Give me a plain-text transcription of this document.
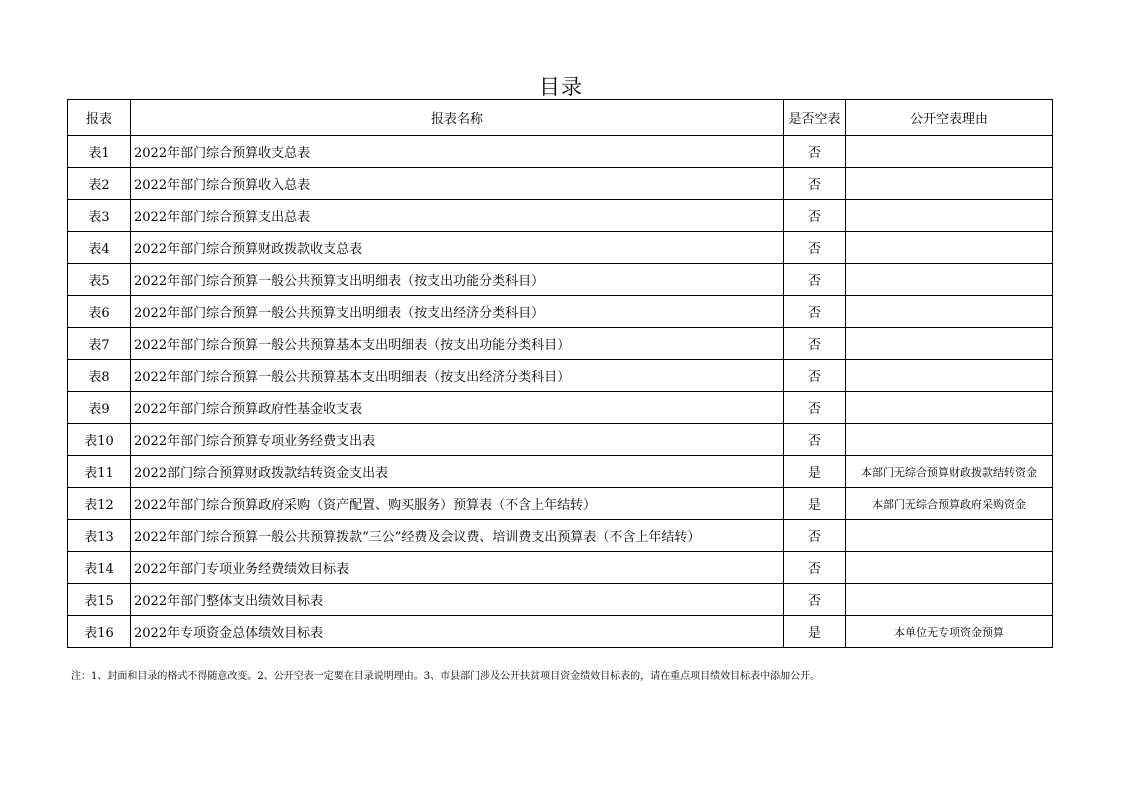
目录
报表	报表名称	是否空表	公开空表理由
表1	2022年部门综合预算收支总表	否	
表2	2022年部门综合预算收入总表	否	
表3	2022年部门综合预算支出总表	否	
表4	2022年部门综合预算财政拨款收支总表	否	
表5	2022年部门综合预算一般公共预算支出明细表（按支出功能分类科目）	否	
表6	2022年部门综合预算一般公共预算支出明细表（按支出经济分类科目）	否	
表7	2022年部门综合预算一般公共预算基本支出明细表（按支出功能分类科目）	否	
表8	2022年部门综合预算一般公共预算基本支出明细表（按支出经济分类科目）	否	
表9	2022年部门综合预算政府性基金收支表	否	
表10	2022年部门综合预算专项业务经费支出表	否	
表11	2022部门综合预算财政拨款结转资金支出表	是	本部门无综合预算财政拨款结转资金
表12	2022年部门综合预算政府采购（资产配置、购买服务）预算表（不含上年结转）	是	本部门无综合预算政府采购资金
表13	2022年部门综合预算一般公共预算拨款“三公”经费及会议费、培训费支出预算表（不含上年结转）	否	
表14	2022年部门专项业务经费绩效目标表	否	
表15	2022年部门整体支出绩效目标表	否	
表16	2022年专项资金总体绩效目标表	是	本单位无专项资金预算
注：1、封面和目录的格式不得随意改变。2、公开空表一定要在目录说明理由。3、市县部门涉及公开扶贫项目资金绩效目标表的，请在重点项目绩效目标表中添加公开。
